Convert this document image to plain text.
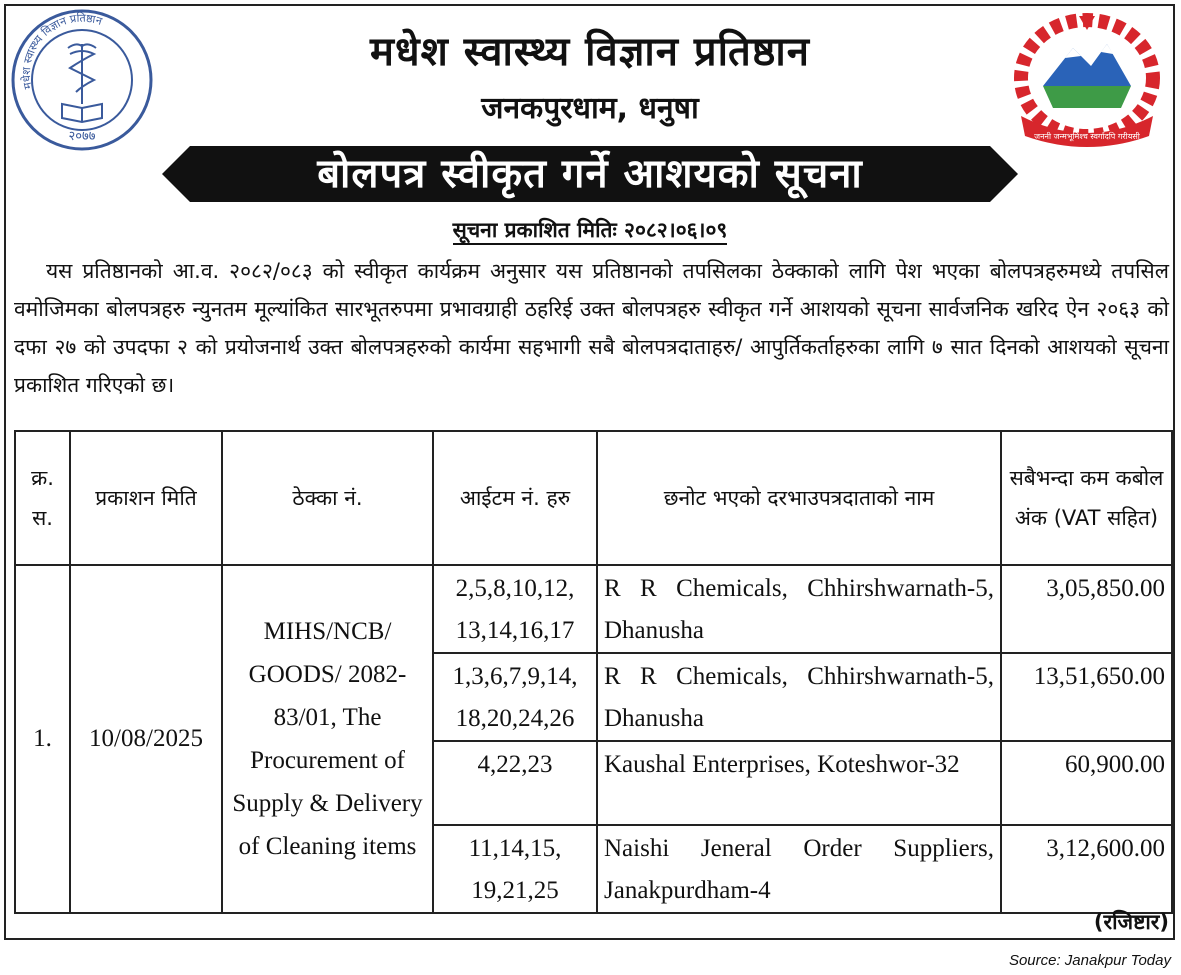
मधेश स्वास्थ्य विज्ञान प्रतिष्ठान
२०७७	जननी जन्मभूमिश्च स्वर्गादपि गरीयसी
मधेश स्वास्थ्य विज्ञान प्रतिष्ठान
जनकपुरधाम, धनुषा
बोलपत्र स्वीकृत गर्ने आशयको सूचना
सूचना प्रकाशित मितिः २०८२।०६।०९

यस प्रतिष्ठानको आ.व. २०८२/०८३ को स्वीकृत कार्यक्रम अनुसार यस प्रतिष्ठानको तपसिलका ठेक्काको लागि पेश भएका बोलपत्रहरुमध्ये तपसिल वमोजिमका बोलपत्रहरु न्युनतम मूल्यांकित सारभूतरुपमा प्रभावग्राही ठहरिई उक्त बोलपत्रहरु स्वीकृत गर्ने आशयको सूचना सार्वजनिक खरिद ऐन २०६३ को दफा २७ को उपदफा २ को प्रयोजनार्थ उक्त बोलपत्रहरुको कार्यमा सहभागी सबै बोलपत्रदाताहरु/ आपुर्तिकर्ताहरुका लागि ७ सात दिनको आशयको सूचना प्रकाशित गरिएको छ।

क्र. स.	प्रकाशन मिति	ठेक्का नं.	आईटम नं. हरु	छनोट भएको दरभाउपत्रदाताको नाम	सबैभन्दा कम कबोल अंक (VAT सहित)
1.	10/08/2025	MIHS/NCB/ GOODS/ 2082-83/01, The Procurement of Supply & Delivery of Cleaning items	2,5,8,10,12, 13,14,16,17	R R Chemicals, Chhirshwarnath-5, Dhanusha	3,05,850.00
			1,3,6,7,9,14, 18,20,24,26	R R Chemicals, Chhirshwarnath-5, Dhanusha	13,51,650.00
			4,22,23	Kaushal Enterprises, Koteshwor-32	60,900.00
			11,14,15, 19,21,25	Naishi Jeneral Order Suppliers, Janakpurdham-4	3,12,600.00
(रजिष्टार)
Source: Janakpur Today
